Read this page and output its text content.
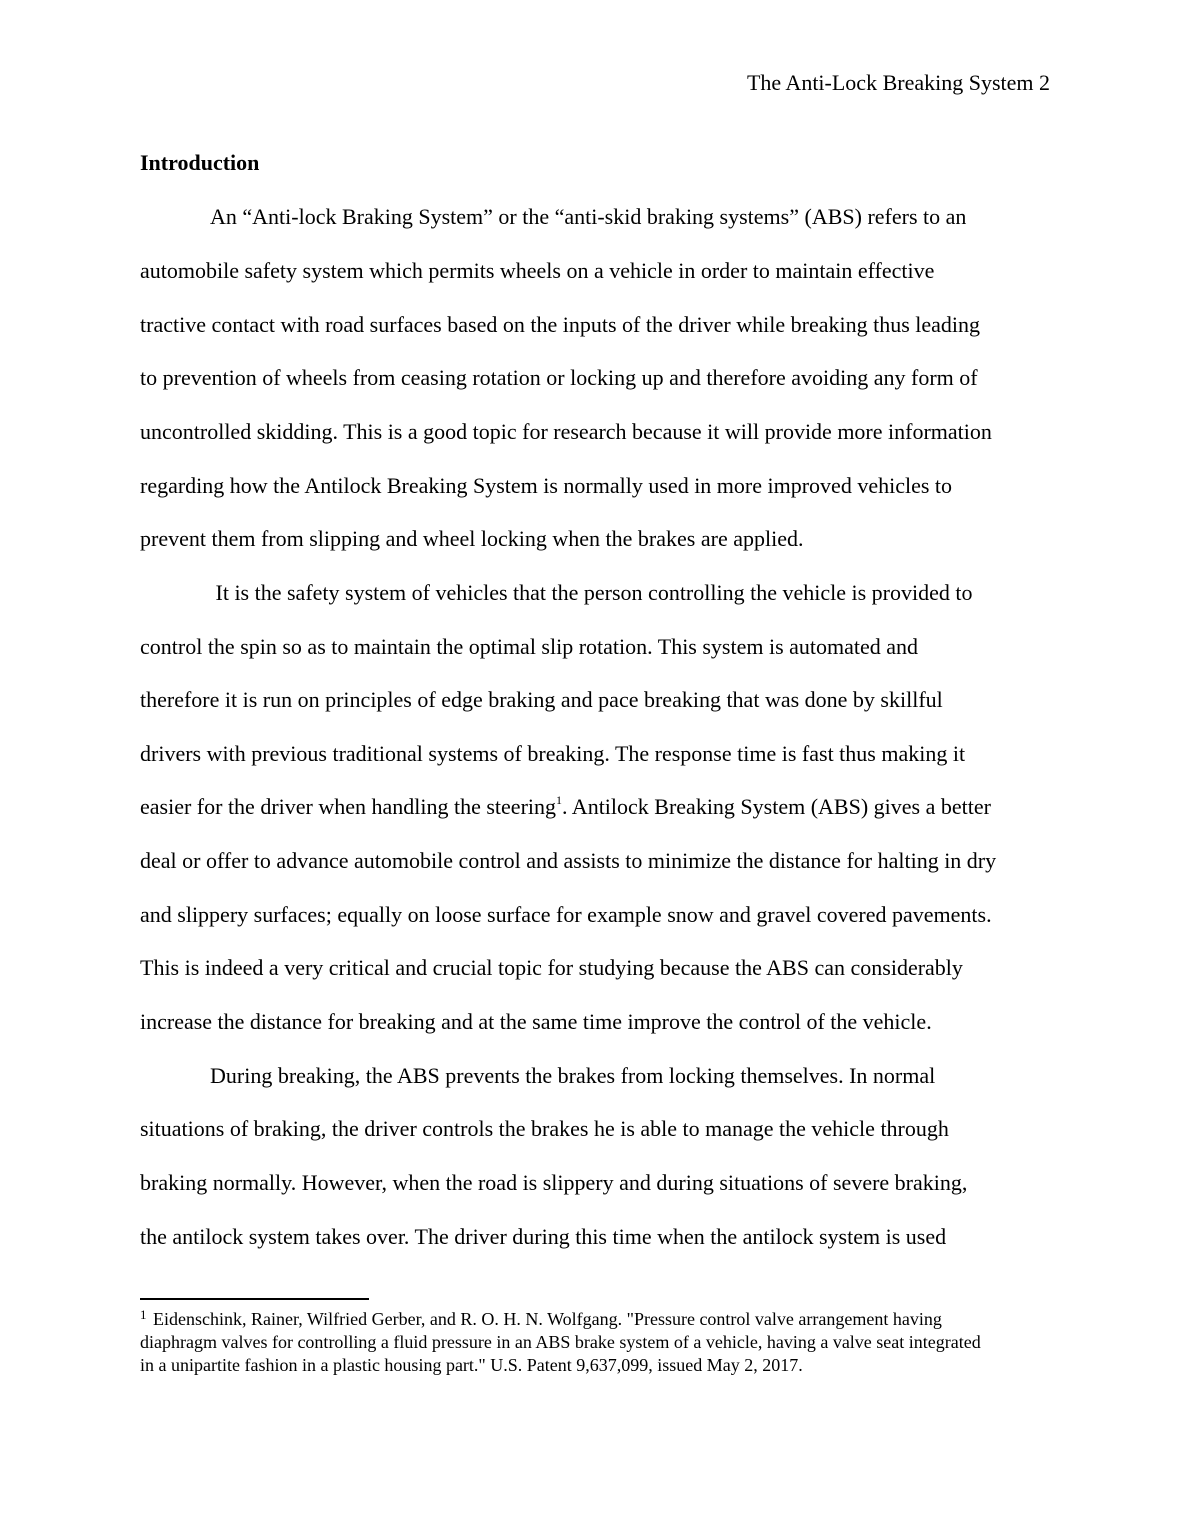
The Anti-Lock Breaking System 2
Introduction
An “Anti-lock Braking System” or the “anti-skid braking systems” (ABS) refers to an
automobile safety system which permits wheels on a vehicle in order to maintain effective
tractive contact with road surfaces based on the inputs of the driver while breaking thus leading
to prevention of wheels from ceasing rotation or locking up and therefore avoiding any form of
uncontrolled skidding. This is a good topic for research because it will provide more information
regarding how the Antilock Breaking System is normally used in more improved vehicles to
prevent them from slipping and wheel locking when the brakes are applied.
It is the safety system of vehicles that the person controlling the vehicle is provided to
control the spin so as to maintain the optimal slip rotation. This system is automated and
therefore it is run on principles of edge braking and pace breaking that was done by skillful
drivers with previous traditional systems of breaking. The response time is fast thus making it
easier for the driver when handling the steering$^1$. Antilock Breaking System (ABS) gives a better
deal or offer to advance automobile control and assists to minimize the distance for halting in dry
and slippery surfaces; equally on loose surface for example snow and gravel covered pavements.
This is indeed a very critical and crucial topic for studying because the ABS can considerably
increase the distance for breaking and at the same time improve the control of the vehicle.
During breaking, the ABS prevents the brakes from locking themselves. In normal
situations of braking, the driver controls the brakes he is able to manage the vehicle through
braking normally. However, when the road is slippery and during situations of severe braking,
the antilock system takes over. The driver during this time when the antilock system is used
$^1$ Eidenschink, Rainer, Wilfried Gerber, and R. O. H. N. Wolfgang. "Pressure control valve arrangement having
diaphragm valves for controlling a fluid pressure in an ABS brake system of a vehicle, having a valve seat integrated
in a unipartite fashion in a plastic housing part." U.S. Patent 9,637,099, issued May 2, 2017.
